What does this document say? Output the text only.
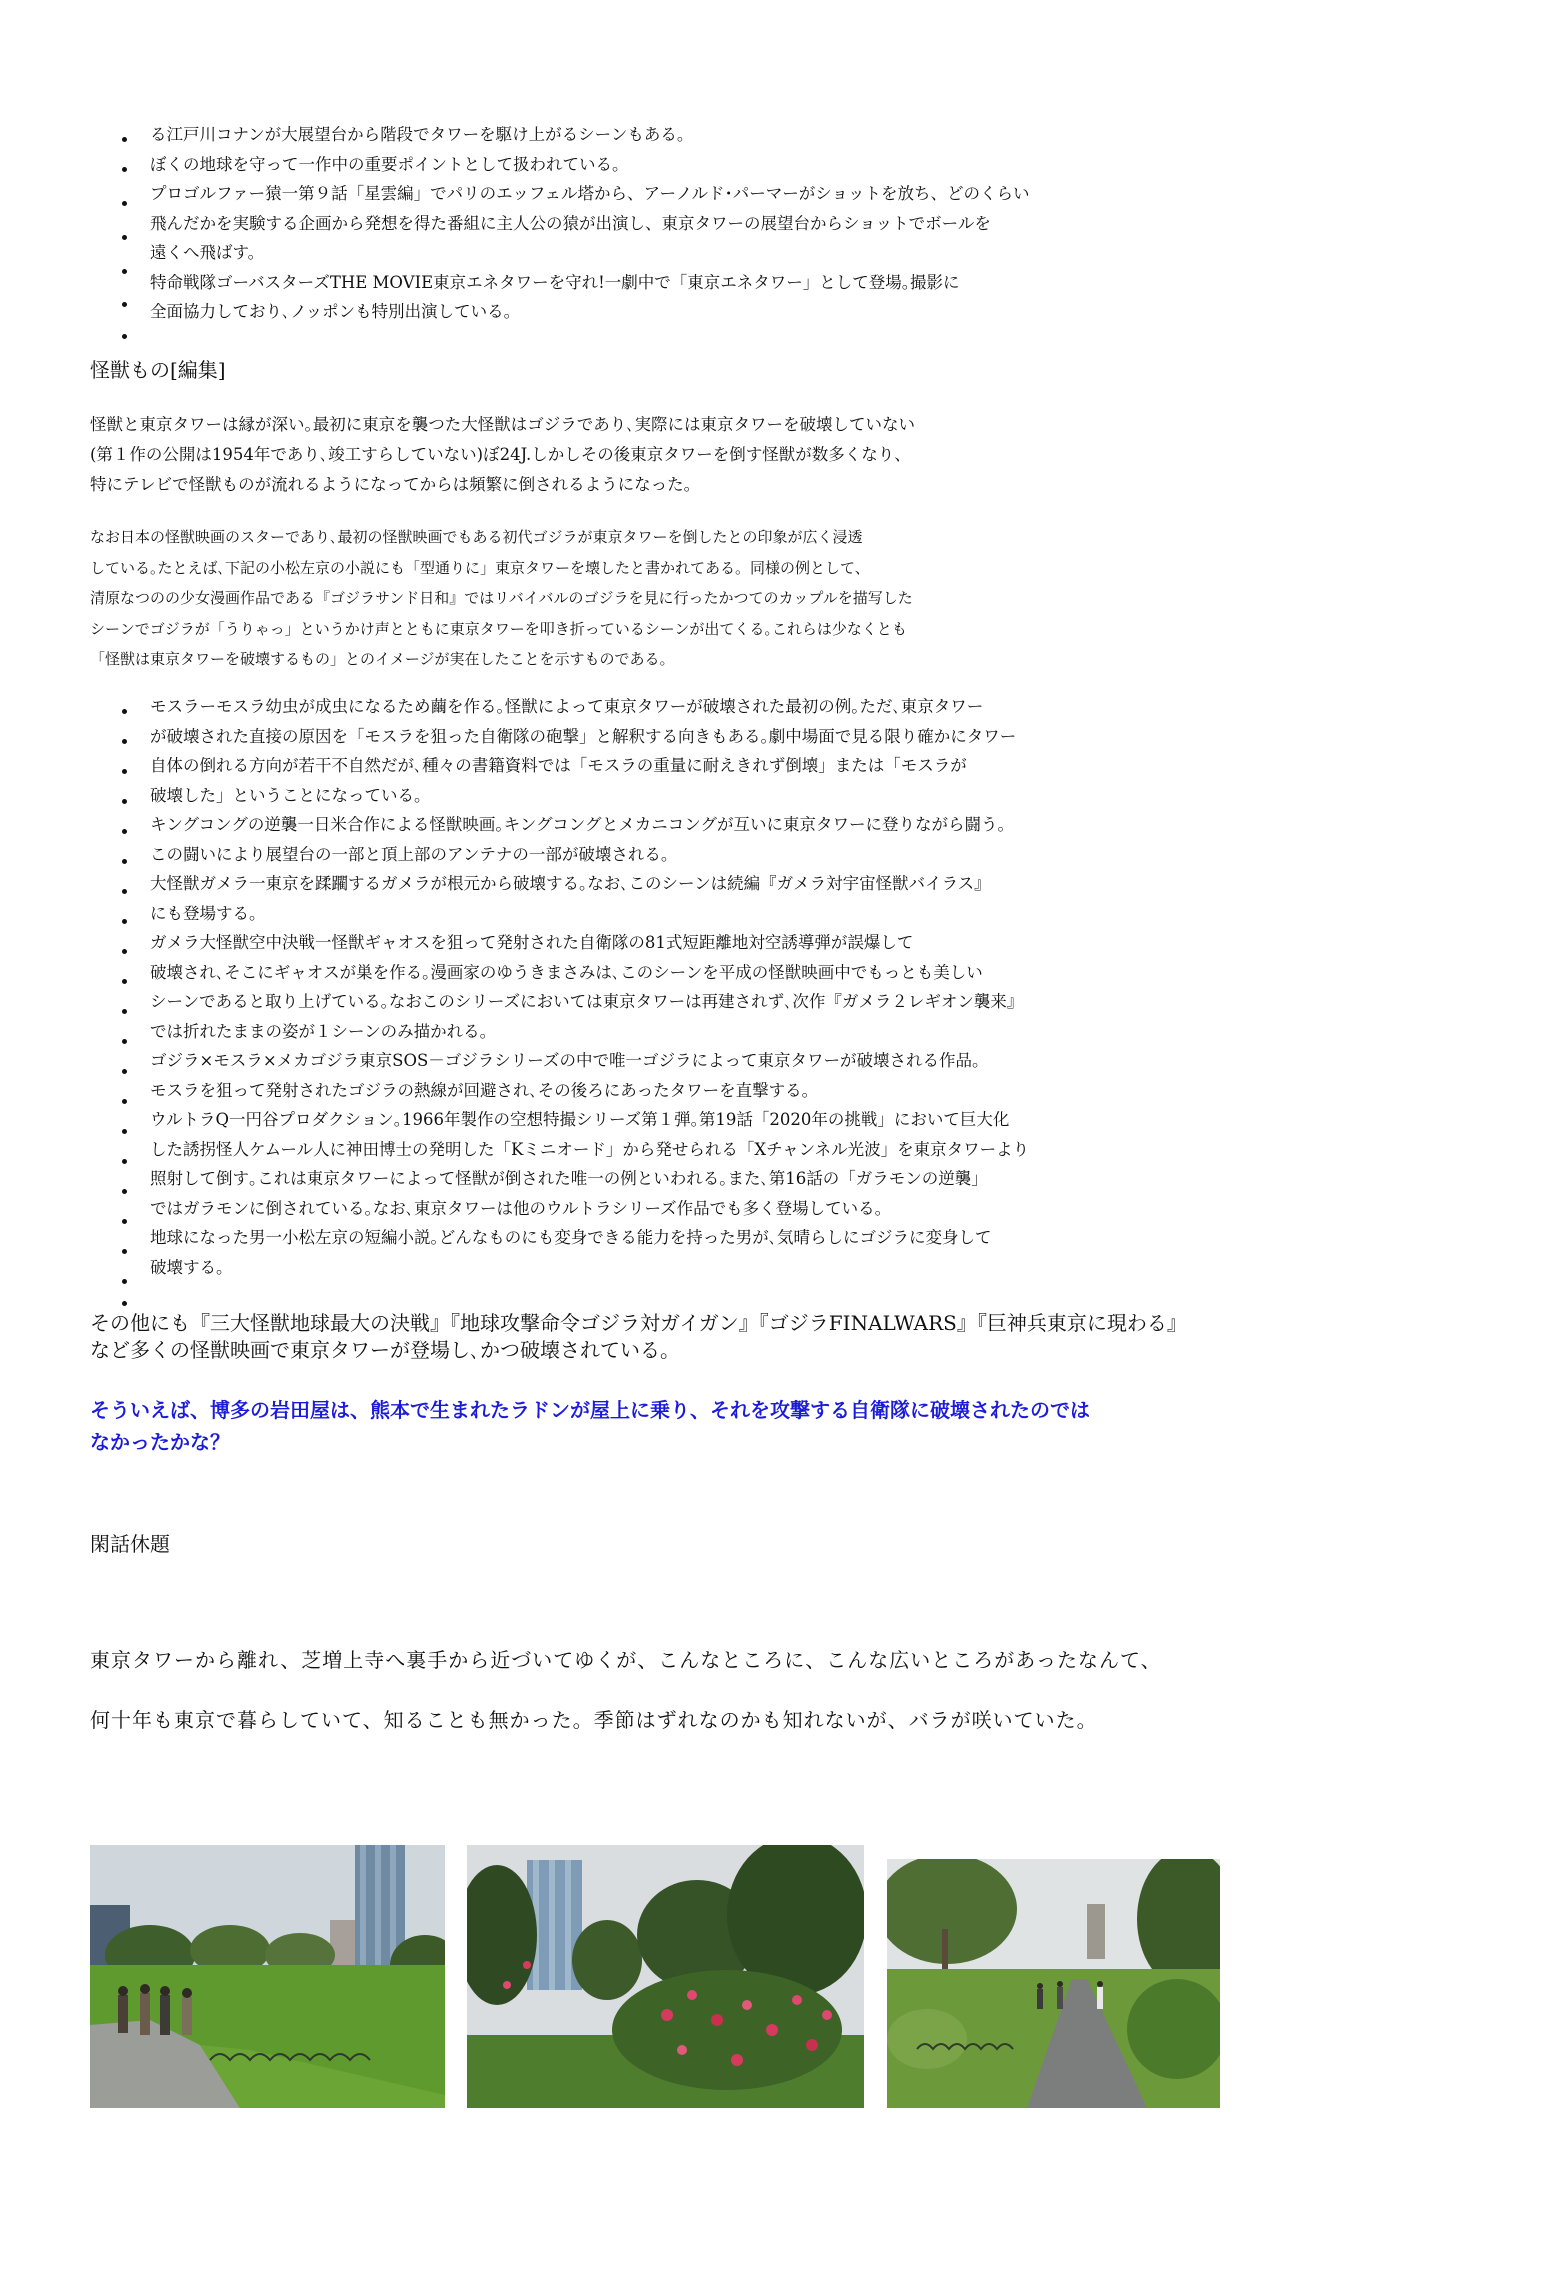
る江戸川コナンが大展望台から階段でタワーを駆け上がるシーンもある。
ぼくの地球を守って一作中の重要ポイントとして扱われている。
プロゴルファー猿一第９話「星雲編」でパリのエッフェル塔から、アーノルド･パーマーがショットを放ち、どのくらい
飛んだかを実験する企画から発想を得た番組に主人公の猿が出演し、東京タワーの展望台からショットでボールを
遠くへ飛ばす。
特命戦隊ゴーバスターズTHE MOVIE東京エネタワーを守れ!一劇中で「東京エネタワー」として登場｡撮影に
全面協力しており､ノッポンも特別出演している。
怪獣もの[編集]
怪獣と東京タワーは縁が深い｡最初に東京を襲つた大怪獣はゴジラであり､実際には東京タワーを破壊していない
(第１作の公開は1954年であり､竣工すらしていない)ぼ24J.しかしその後東京タワーを倒す怪獣が数多くなり、
特にテレビで怪獣ものが流れるようになってからは頻繁に倒されるようになった。
なお日本の怪獣映画のスターであり､最初の怪獣映画でもある初代ゴジラが東京タワーを倒したとの印象が広く浸透
している｡たとえば､下記の小松左京の小説にも「型通りに」東京タワーを壊したと書かれてある。同様の例として、
清原なつのの少女漫画作品である『ゴジラサンド日和』ではリバイバルのゴジラを見に行ったかつてのカップルを描写した
シーンでゴジラが「うりゃっ」というかけ声とともに東京タワーを叩き折っているシーンが出てくる｡これらは少なくとも
「怪獣は東京タワーを破壊するもの」とのイメージが実在したことを示すものである。
モスラーモスラ幼虫が成虫になるため繭を作る｡怪獣によって東京タワーが破壊された最初の例｡ただ､東京タワー
が破壊された直接の原因を「モスラを狙った自衛隊の砲撃」と解釈する向きもある｡劇中場面で見る限り確かにタワー
自体の倒れる方向が若干不自然だが､種々の書籍資料では「モスラの重量に耐えきれず倒壊」または「モスラが
破壊した」ということになっている。
キングコングの逆襲一日米合作による怪獣映画｡キングコングとメカニコングが互いに東京タワーに登りながら闘う。
この闘いにより展望台の一部と頂上部のアンテナの一部が破壊される。
大怪獣ガメラ一東京を蹂躙するガメラが根元から破壊する｡なお､このシーンは続編『ガメラ対宇宙怪獣バイラス』
にも登場する。
ガメラ大怪獣空中決戦一怪獣ギャオスを狙って発射された自衛隊の81式短距離地対空誘導弾が誤爆して
破壊され､そこにギャオスが巣を作る｡漫画家のゆうきまさみは､このシーンを平成の怪獣映画中でもっとも美しい
シーンであると取り上げている｡なおこのシリーズにおいては東京タワーは再建されず､次作『ガメラ２レギオン襲来』
では折れたままの姿が１シーンのみ描かれる。
ゴジラ×モスラ×メカゴジラ東京SOS－ゴジラシリーズの中で唯一ゴジラによって東京タワーが破壊される作品。
モスラを狙って発射されたゴジラの熱線が回避され､その後ろにあったタワーを直撃する。
ウルトラQ一円谷プロダクション｡1966年製作の空想特撮シリーズ第１弾｡第19話「2020年の挑戦」において巨大化
した誘拐怪人ケムール人に神田博士の発明した「Kミニオード」から発せられる「Xチャンネル光波」を東京タワーより
照射して倒す｡これは東京タワーによって怪獣が倒された唯一の例といわれる｡また､第16話の「ガラモンの逆襲」
ではガラモンに倒されている｡なお､東京タワーは他のウルトラシリーズ作品でも多く登場している。
地球になった男一小松左京の短編小説｡どんなものにも変身できる能力を持った男が､気晴らしにゴジラに変身して
破壊する。
その他にも『三大怪獣地球最大の決戦』『地球攻撃命令ゴジラ対ガイガン』『ゴジラFINALWARS』『巨神兵東京に現わる』
など多くの怪獣映画で東京タワーが登場し､かつ破壊されている。
そういえば、博多の岩田屋は、熊本で生まれたラドンが屋上に乗り、それを攻撃する自衛隊に破壊されたのでは
なかったかな？
閑話休題
東京タワーから離れ、芝増上寺へ裏手から近づいてゆくが、こんなところに、こんな広いところがあったなんて、
何十年も東京で暮らしていて、知ることも無かった。季節はずれなのかも知れないが、バラが咲いていた。
